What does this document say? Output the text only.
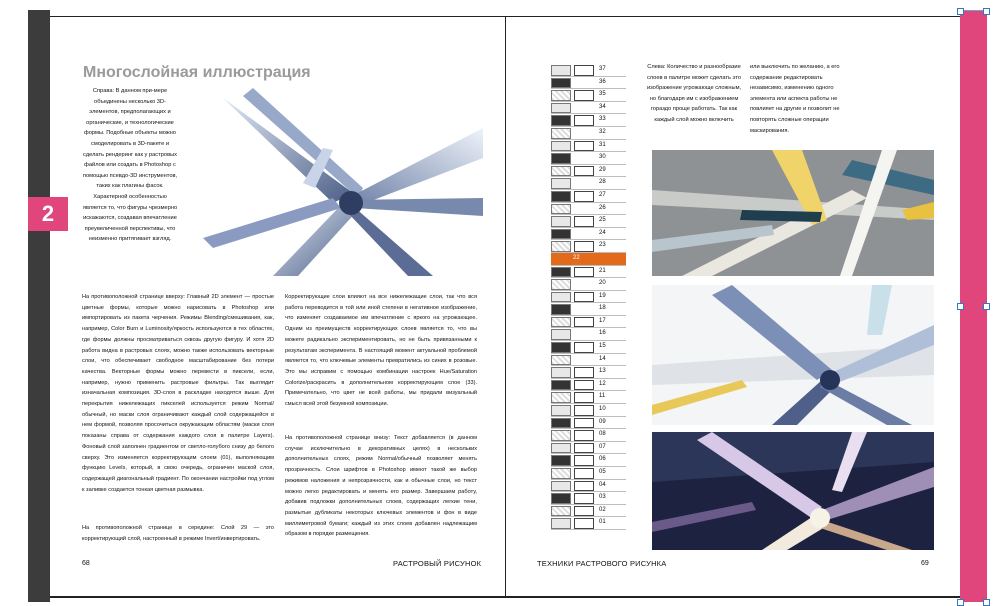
2
Многослойная иллюстрация
Справа: В данном при-мере объединены несколько 3D-элементов, предполагающих и органические, и технологические формы. Подобные объекты можно смоделировать в 3D-пакете и сделать рендеринг как у растровых файлов или создать в Photoshop с помощью псевдо-3D инструментов, таких как плагины фасок. Характерной особенностью является то, что фигуры чрезмерно искажаются, создавая впечатление преувеличенной перспективы, что неизменно притягивает взгляд.
На противоположной странице вверху: Главный 2D элемент — простые цветные формы, которые можно нарисовать в Photoshop или импортировать из пакета черчения. Режимы Blending/смешивания, как, например, Color Burn и Luminosity/яркость используются в тех областях, где формы должны просматриваться сквозь другую фигуру. И хотя 2D работа видна в растровых слоях, можно также использовать векторные слои, что обеспечивает свободное масштабирование без потери качества. Векторные формы можно перевести в пиксели, если, например, нужно применить растровые фильтры. Так выглядит изначальная композиция. 3D-слоя в раскладке находятся выше. Для перекрытия нижележащих пикселей используется режим Normal/обычный, но маски слоя ограничивают каждый слой содержащейся в нем формой, позволяя просочиться окружающим областям (маски слоя показаны справа от содержания каждого слоя в палитре Layers). Фоновый слой заполнен градиентом от светло-голубого снизу до белого сверху. Это изменяется корректирующим слоем (01), выполняющим функцию Levels, который, в свою очередь, ограничен маской слоя, содержащей диагональный градиент. По окончании настройки под углом к заливке создается тонкая цветная размывка.
На противоположной странице в середине: Слой 29 — это корректирующий слой, настроенный в режиме Invert/инвертировать.
Корректирующие слои влияют на все нижележащие слои, так что вся работа переводится в той или иной степени в негативное изображение, что изменяет создаваемое им впечатление с яркого на угрожающее. Одним из преимуществ корректирующих слоев является то, что вы можете радикально экспериментировать, но не быть привязанными к результатам эксперимента. В настоящий момент актуальной проблемой является то, что ключевые элементы превратились из синих в розовые. Это мы исправим с помощью комбинации настроек Hue/Saturation Colorize/раскрасить в дополнительном корректирующем слое (33). Примечательно, что цвет не всей работы, мы придали визуальный смысл всей этой безумной композиции.
На противоположной странице внизу: Текст добавляется (в данном случае исключительно в декоративных целях) в нескольких дополнительных слоях, режим Normal/обычный позволяет менять прозрачность. Слои шрифтов в Photoshop имеют такой же выбор режимов наложения и непрозрачности, как и обычные слои, но текст можно легко редактировать и менять его размер. Завершаем работу, добавив подложки дополнительных слоев, содержащих легкие тени, размытые дубликаты некоторых ключевых элементов и фон в виде миллиметровой бумаги; каждый из этих слоев добавлен надлежащим образом в порядке размещения.
68	РАСТРОВЫЙ РИСУНОК
37
36
35
34
33
32
31
30
29
28
27
26
25
24
23
22
21
20
19
18
17
16
15
14
13
12
11
10
09
08
07
06
05
04
03
02
01
Слева: Количество и разнообразие слоев в палитре может сделать это изображение угрожающе сложным, но благодаря им с изображением гораздо проще работать. Так как каждый слой можно включить
или выключить по желанию, а его содержание редактировать независимо, изменению одного элемента или аспекта работы не повлияет на другие и позволит не повторять сложные операции маскирования.
ТЕХНИКИ РАСТРОВОГО РИСУНКА	69
